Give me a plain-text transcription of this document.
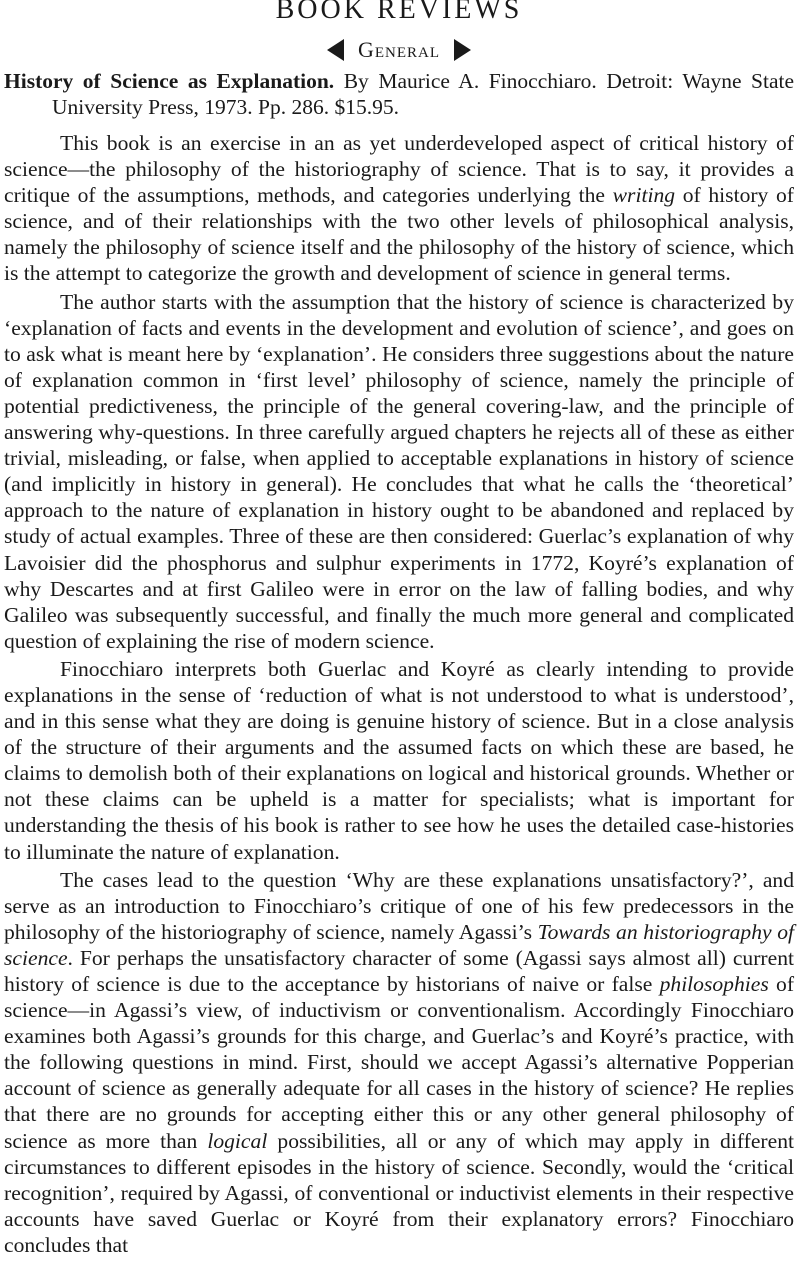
BOOK REVIEWS
General
History of Science as Explanation. By Maurice A. Finocchiaro. Detroit: Wayne State University Press, 1973. Pp. 286. $15.95.

This book is an exercise in an as yet underdeveloped aspect of critical history of science—the philosophy of the historiography of science. That is to say, it provides a critique of the assumptions, methods, and categories underlying the writing of history of science, and of their relationships with the two other levels of philosophical analysis, namely the philosophy of science itself and the philosophy of the history of science, which is the attempt to categorize the growth and development of science in general terms.

The author starts with the assumption that the history of science is characterized by ‘explanation of facts and events in the development and evolution of science’, and goes on to ask what is meant here by ‘explanation’. He considers three suggestions about the nature of explanation common in ‘first level’ philosophy of science, namely the principle of potential predictiveness, the principle of the general covering-law, and the principle of answering why-questions. In three carefully argued chapters he rejects all of these as either trivial, misleading, or false, when applied to acceptable explanations in history of science (and implicitly in history in general). He concludes that what he calls the ‘theoretical’ approach to the nature of explanation in history ought to be abandoned and replaced by study of actual examples. Three of these are then considered: Guerlac’s explanation of why Lavoisier did the phosphorus and sulphur experiments in 1772, Koyré’s explanation of why Descartes and at first Galileo were in error on the law of falling bodies, and why Galileo was subsequently successful, and finally the much more general and complicated question of explaining the rise of modern science.

Finocchiaro interprets both Guerlac and Koyré as clearly intending to provide explanations in the sense of ‘reduction of what is not understood to what is understood’, and in this sense what they are doing is genuine history of science. But in a close analysis of the structure of their arguments and the assumed facts on which these are based, he claims to demolish both of their explanations on logical and historical grounds. Whether or not these claims can be upheld is a matter for specialists; what is important for understanding the thesis of his book is rather to see how he uses the detailed case-histories to illuminate the nature of explanation.

The cases lead to the question ‘Why are these explanations unsatisfactory?’, and serve as an introduction to Finocchiaro’s critique of one of his few predecessors in the philosophy of the historiography of science, namely Agassi’s Towards an historiography of science. For perhaps the unsatisfactory character of some (Agassi says almost all) current history of science is due to the acceptance by historians of naive or false philosophies of science—in Agassi’s view, of inductivism or conventionalism. Accordingly Finocchiaro examines both Agassi’s grounds for this charge, and Guerlac’s and Koyré’s practice, with the following questions in mind. First, should we accept Agassi’s alternative Popperian account of science as generally adequate for all cases in the history of science? He replies that there are no grounds for accepting either this or any other general philosophy of science as more than logical possibilities, all or any of which may apply in different circumstances to different episodes in the history of science. Secondly, would the ‘critical recognition’, required by Agassi, of conventional or inductivist elements in their respective accounts have saved Guerlac or Koyré from their explanatory errors? Finocchiaro concludes that
